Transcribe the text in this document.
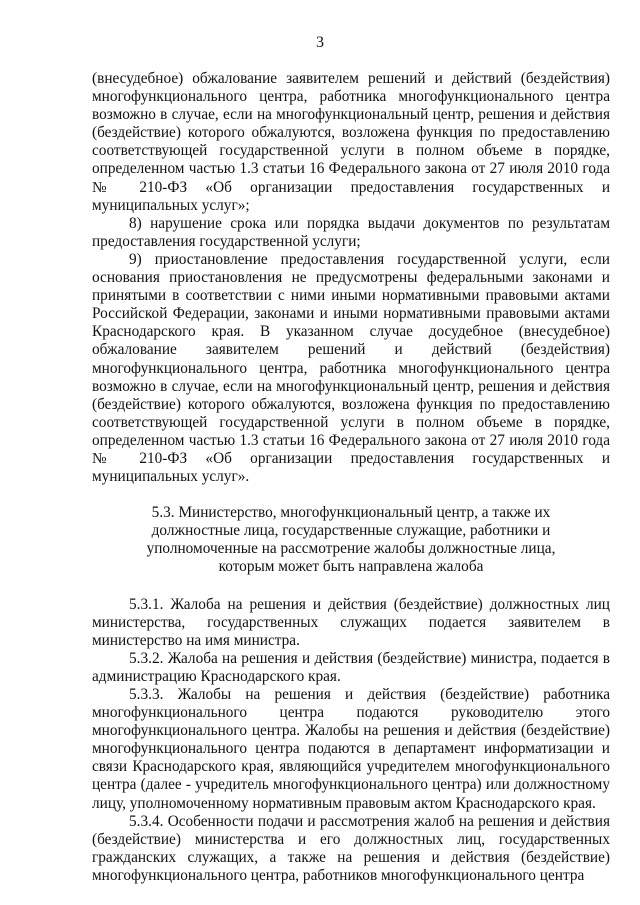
3

(внесудебное) обжалование заявителем решений и действий (бездействия) многофункционального центра, работника многофункционального центра возможно в случае, если на многофункциональный центр, решения и действия (бездействие) которого обжалуются, возложена функция по предоставлению соответствующей государственной услуги в полном объеме в порядке, определенном частью 1.3 статьи 16 Федерального закона от 27 июля 2010 года № 210-ФЗ «Об организации предоставления государственных и муниципальных услуг»;

8) нарушение срока или порядка выдачи документов по результатам предоставления государственной услуги;

9) приостановление предоставления государственной услуги, если основания приостановления не предусмотрены федеральными законами и принятыми в соответствии с ними иными нормативными правовыми актами Российской Федерации, законами и иными нормативными правовыми актами Краснодарского края. В указанном случае досудебное (внесудебное) обжалование заявителем решений и действий (бездействия) многофункционального центра, работника многофункционального центра возможно в случае, если на многофункциональный центр, решения и действия (бездействие) которого обжалуются, возложена функция по предоставлению соответствующей государственной услуги в полном объеме в порядке, определенном частью 1.3 статьи 16 Федерального закона от 27 июля 2010 года № 210-ФЗ «Об организации предоставления государственных и муниципальных услуг».

5.3. Министерство, многофункциональный центр, а также их
должностные лица, государственные служащие, работники и
уполномоченные на рассмотрение жалобы должностные лица,
которым может быть направлена жалоба

5.3.1. Жалоба на решения и действия (бездействие) должностных лиц министерства, государственных служащих подается заявителем в министерство на имя министра.

5.3.2. Жалоба на решения и действия (бездействие) министра, подается в администрацию Краснодарского края.

5.3.3. Жалобы на решения и действия (бездействие) работника многофункционального центра подаются руководителю этого многофункционального центра. Жалобы на решения и действия (бездействие) многофункционального центра подаются в департамент информатизации и связи Краснодарского края, являющийся учредителем многофункционального центра (далее - учредитель многофункционального центра) или должностному лицу, уполномоченному нормативным правовым актом Краснодарского края.

5.3.4. Особенности подачи и рассмотрения жалоб на решения и действия (бездействие) министерства и его должностных лиц, государственных гражданских служащих, а также на решения и действия (бездействие) многофункционального центра, работников многофункционального центра
